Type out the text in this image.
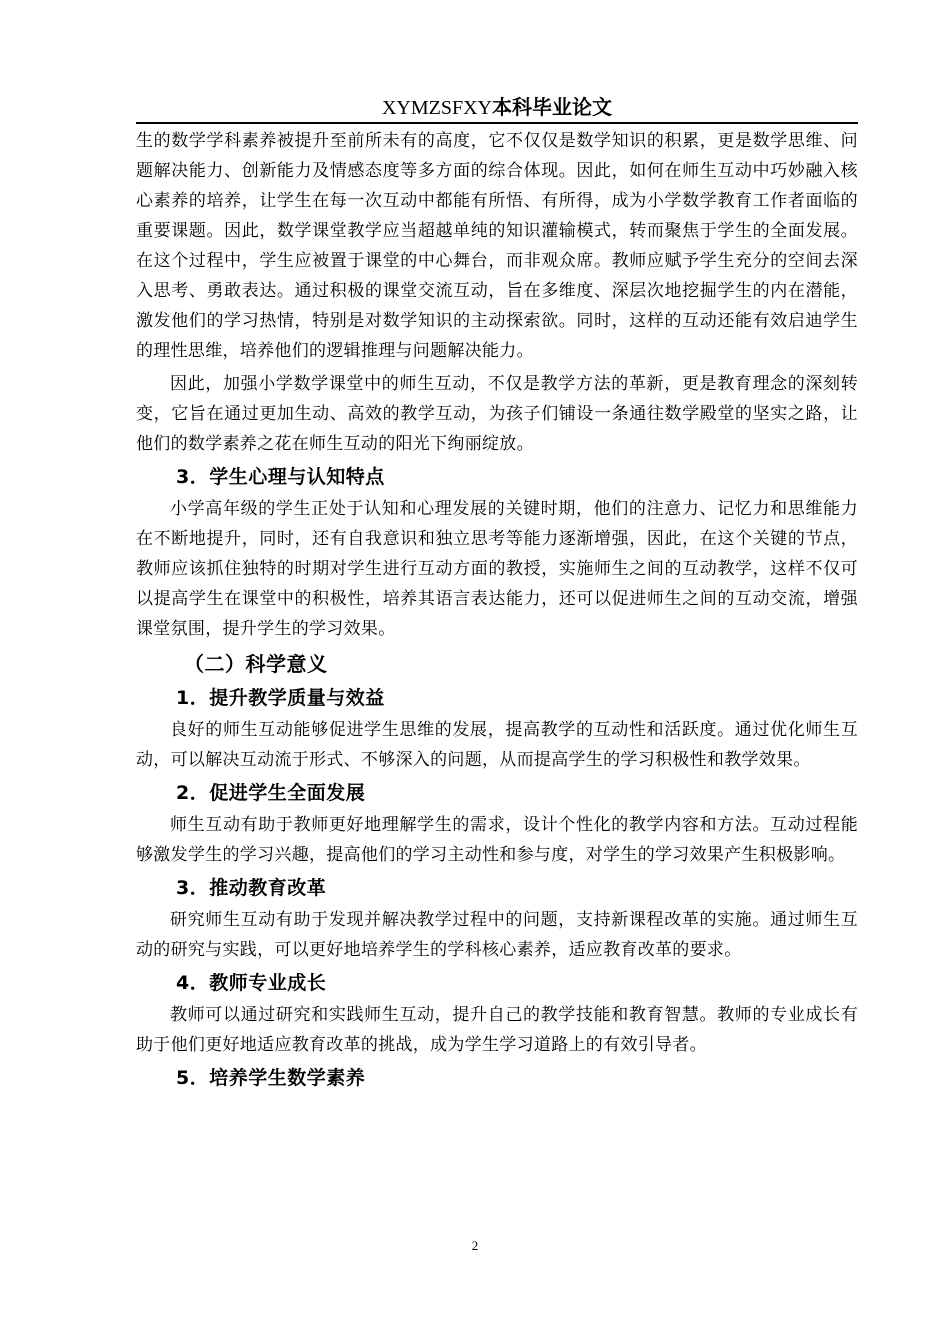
XYMZSFXY本科毕业论文

生的数学学科素养被提升至前所未有的高度，它不仅仅是数学知识的积累，更是数学思维、问题解决能力、创新能力及情感态度等多方面的综合体现。因此，如何在师生互动中巧妙融入核心素养的培养，让学生在每一次互动中都能有所悟、有所得，成为小学数学教育工作者面临的重要课题。因此，数学课堂教学应当超越单纯的知识灌输模式，转而聚焦于学生的全面发展。在这个过程中，学生应被置于课堂的中心舞台，而非观众席。教师应赋予学生充分的空间去深入思考、勇敢表达。通过积极的课堂交流互动，旨在多维度、深层次地挖掘学生的内在潜能，激发他们的学习热情，特别是对数学知识的主动探索欲。同时，这样的互动还能有效启迪学生的理性思维，培养他们的逻辑推理与问题解决能力。

因此，加强小学数学课堂中的师生互动，不仅是教学方法的革新，更是教育理念的深刻转变，它旨在通过更加生动、高效的教学互动，为孩子们铺设一条通往数学殿堂的坚实之路，让他们的数学素养之花在师生互动的阳光下绚丽绽放。

3．学生心理与认知特点

小学高年级的学生正处于认知和心理发展的关键时期，他们的注意力、记忆力和思维能力在不断地提升，同时，还有自我意识和独立思考等能力逐渐增强，因此，在这个关键的节点，教师应该抓住独特的时期对学生进行互动方面的教授，实施师生之间的互动教学，这样不仅可以提高学生在课堂中的积极性，培养其语言表达能力，还可以促进师生之间的互动交流，增强课堂氛围，提升学生的学习效果。

（二）科学意义
1．提升教学质量与效益

良好的师生互动能够促进学生思维的发展，提高教学的互动性和活跃度。通过优化师生互动，可以解决互动流于形式、不够深入的问题，从而提高学生的学习积极性和教学效果。

2．促进学生全面发展

师生互动有助于教师更好地理解学生的需求，设计个性化的教学内容和方法。互动过程能够激发学生的学习兴趣，提高他们的学习主动性和参与度，对学生的学习效果产生积极影响。

3．推动教育改革

研究师生互动有助于发现并解决教学过程中的问题，支持新课程改革的实施。通过师生互动的研究与实践，可以更好地培养学生的学科核心素养，适应教育改革的要求。

4．教师专业成长

教师可以通过研究和实践师生互动，提升自己的教学技能和教育智慧。教师的专业成长有助于他们更好地适应教育改革的挑战，成为学生学习道路上的有效引导者。

5．培养学生数学素养
2
